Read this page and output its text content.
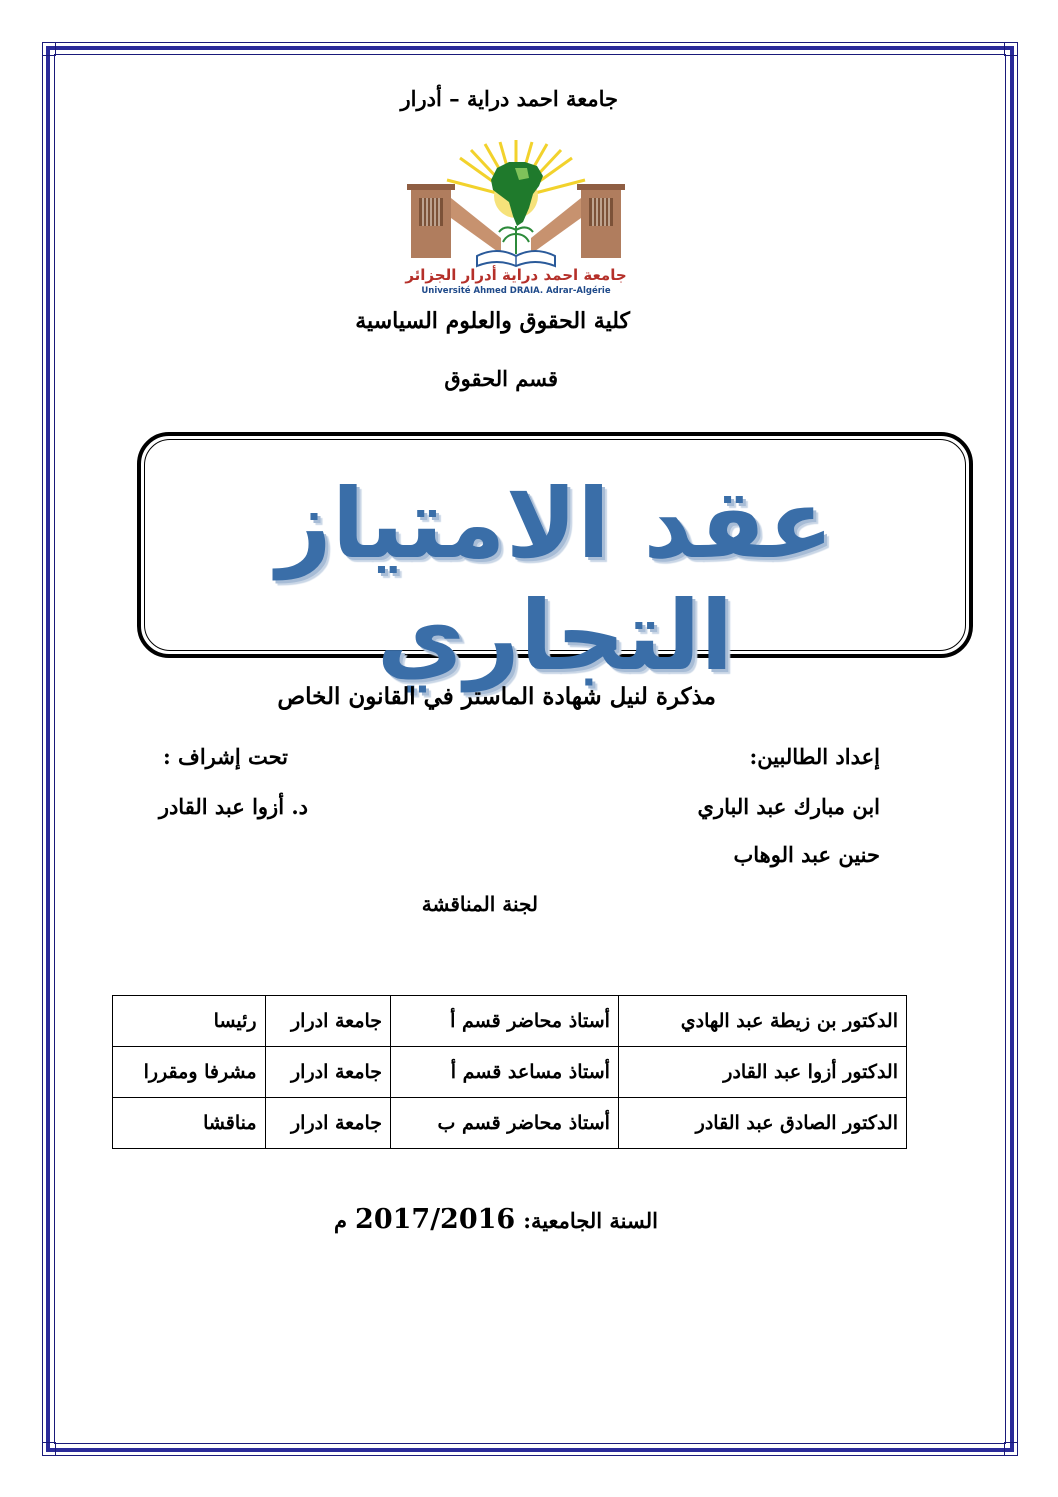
جامعة احمد دراية – أدرار
جامعة احمد دراية أدرار الجزائر
Université Ahmed DRAIA. Adrar-Algérie
كلية الحقوق والعلوم السياسية
قسم الحقوق
عقد الامتياز التجاري
مذكرة لنيل شهادة الماستر في القانون الخاص
إعداد الطالبين:
ابن مبارك عبد الباري
حنين عبد الوهاب
تحت إشراف :
د. أزوا عبد القادر
لجنة المناقشة
الدكتور بن زيطة عبد الهادي	أستاذ محاضر قسم أ	جامعة ادرار	رئيسا
الدكتور أزوا عبد القادر	أستاذ مساعد قسم أ	جامعة ادرار	مشرفا ومقررا
الدكتور الصادق عبد القادر	أستاذ محاضر قسم ب	جامعة ادرار	مناقشا
السنة الجامعية:
2017/2016
م
